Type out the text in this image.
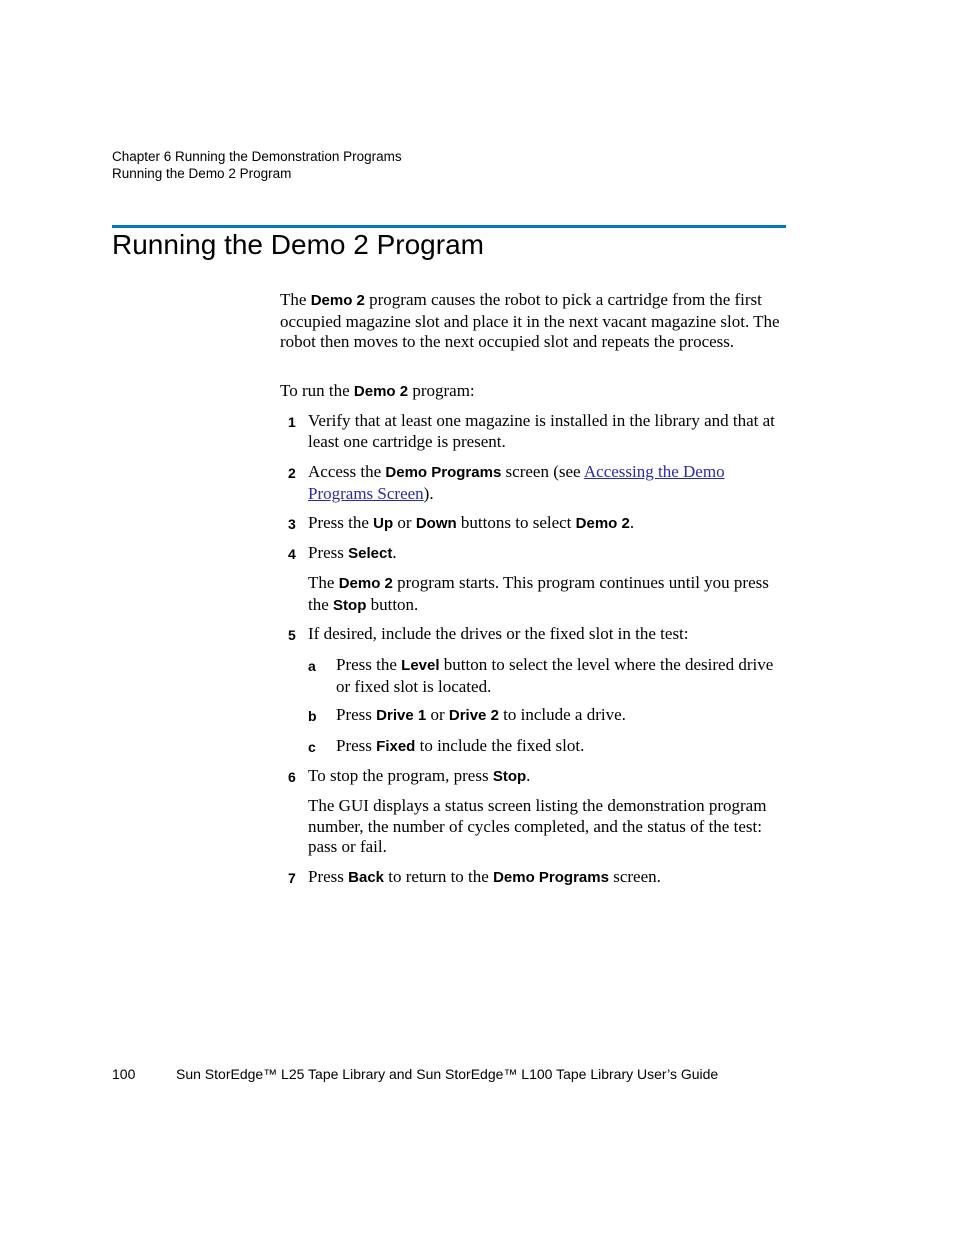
Chapter 6 Running the Demonstration Programs
Running the Demo 2 Program
Running the Demo 2 Program
The Demo 2 program causes the robot to pick a cartridge from the first occupied magazine slot and place it in the next vacant magazine slot. The robot then moves to the next occupied slot and repeats the process.
To run the Demo 2 program:
1 Verify that at least one magazine is installed in the library and that at least one cartridge is present.
2 Access the Demo Programs screen (see Accessing the Demo Programs Screen).
3 Press the Up or Down buttons to select Demo 2.
4 Press Select.
The Demo 2 program starts. This program continues until you press the Stop button.
5 If desired, include the drives or the fixed slot in the test:
a Press the Level button to select the level where the desired drive or fixed slot is located.
b Press Drive 1 or Drive 2 to include a drive.
c Press Fixed to include the fixed slot.
6 To stop the program, press Stop.
The GUI displays a status screen listing the demonstration program number, the number of cycles completed, and the status of the test: pass or fail.
7 Press Back to return to the Demo Programs screen.
100	Sun StorEdge™ L25 Tape Library and Sun StorEdge™ L100 Tape Library User’s Guide
